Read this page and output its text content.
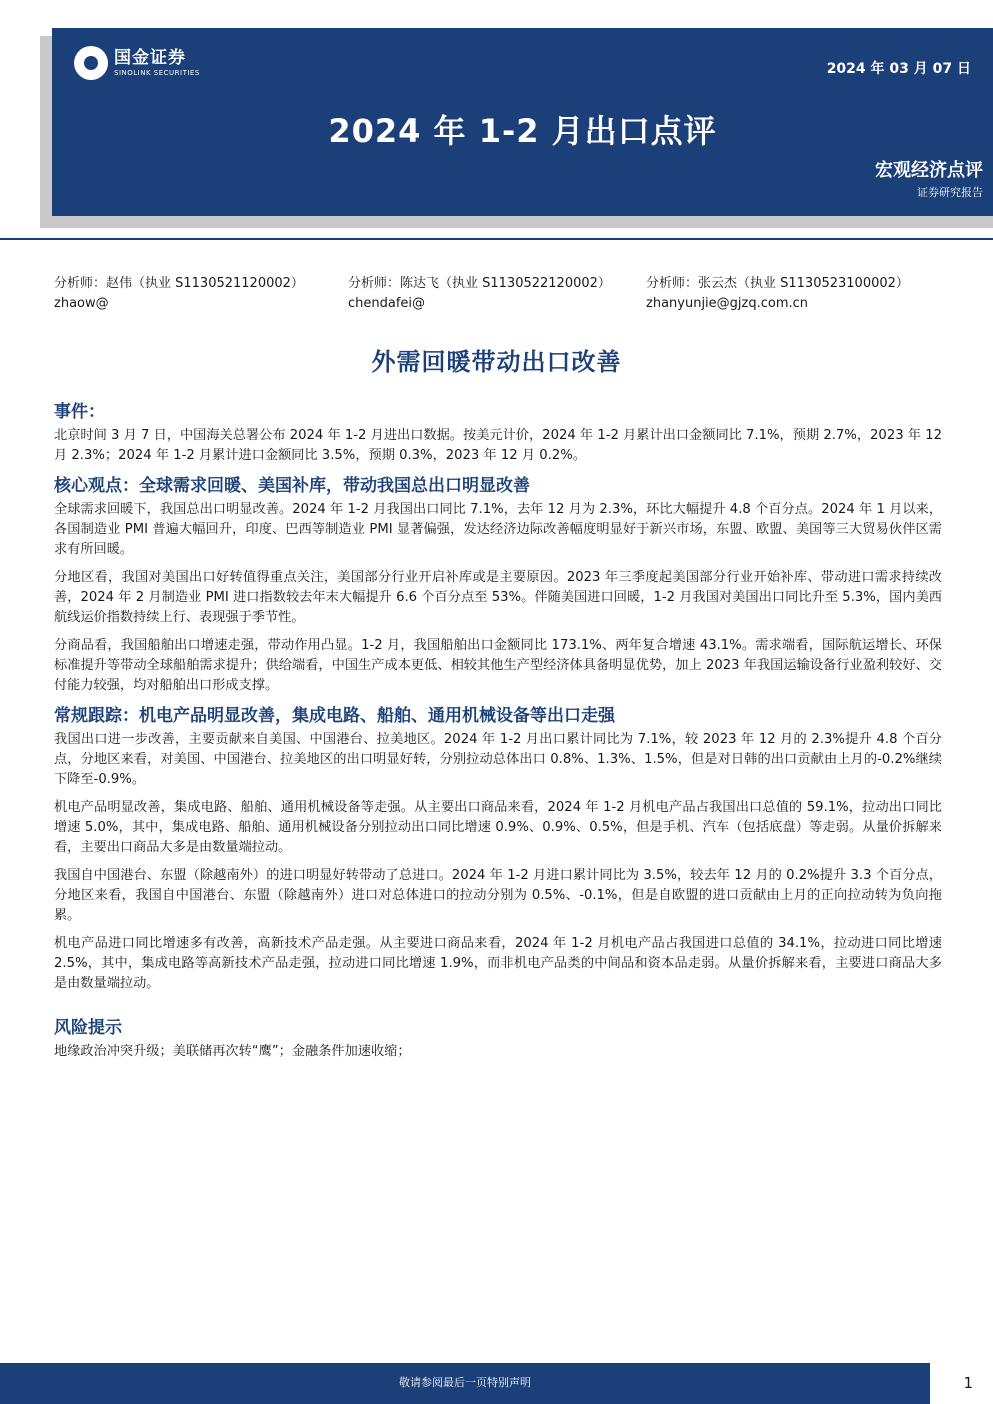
国金证券
SINOLINK SECURITIES	2024 年 03 月 07 日
2024 年 1-2 月出口点评
宏观经济点评
证券研究报告
分析师：赵伟（执业 S1130521120002）
zhaow@
分析师：陈达飞（执业 S1130522120002）
chendafei@
分析师：张云杰（执业 S1130523100002）
zhanyunjie@gjzq.com.cn
外需回暖带动出口改善
事件：

北京时间 3 月 7 日，中国海关总署公布 2024 年 1-2 月进出口数据。按美元计价，2024 年 1-2 月累计出口金额同比 7.1%，预期 2.7%，2023 年 12 月 2.3%；2024 年 1-2 月累计进口金额同比 3.5%，预期 0.3%，2023 年 12 月 0.2%。

核心观点：全球需求回暖、美国补库，带动我国总出口明显改善

全球需求回暖下，我国总出口明显改善。2024 年 1-2 月我国出口同比 7.1%，去年 12 月为 2.3%，环比大幅提升 4.8 个百分点。2024 年 1 月以来，各国制造业 PMI 普遍大幅回升，印度、巴西等制造业 PMI 显著偏强，发达经济边际改善幅度明显好于新兴市场，东盟、欧盟、美国等三大贸易伙伴区需求有所回暖。

分地区看，我国对美国出口好转值得重点关注，美国部分行业开启补库或是主要原因。2023 年三季度起美国部分行业开始补库、带动进口需求持续改善，2024 年 2 月制造业 PMI 进口指数较去年末大幅提升 6.6 个百分点至 53%。伴随美国进口回暖，1-2 月我国对美国出口同比升至 5.3%，国内美西航线运价指数持续上行、表现强于季节性。

分商品看，我国船舶出口增速走强，带动作用凸显。1-2 月，我国船舶出口金额同比 173.1%、两年复合增速 43.1%。需求端看，国际航运增长、环保标准提升等带动全球船舶需求提升；供给端看，中国生产成本更低、相较其他生产型经济体具备明显优势，加上 2023 年我国运输设备行业盈利较好、交付能力较强，均对船舶出口形成支撑。

常规跟踪：机电产品明显改善，集成电路、船舶、通用机械设备等出口走强

我国出口进一步改善，主要贡献来自美国、中国港台、拉美地区。2024 年 1-2 月出口累计同比为 7.1%，较 2023 年 12 月的 2.3%提升 4.8 个百分点，分地区来看，对美国、中国港台、拉美地区的出口明显好转，分别拉动总体出口 0.8%、1.3%、1.5%，但是对日韩的出口贡献由上月的-0.2%继续下降至-0.9%。

机电产品明显改善，集成电路、船舶、通用机械设备等走强。从主要出口商品来看，2024 年 1-2 月机电产品占我国出口总值的 59.1%，拉动出口同比增速 5.0%，其中，集成电路、船舶、通用机械设备分别拉动出口同比增速 0.9%、0.9%、0.5%，但是手机、汽车（包括底盘）等走弱。从量价拆解来看，主要出口商品大多是由数量端拉动。

我国自中国港台、东盟（除越南外）的进口明显好转带动了总进口。2024 年 1-2 月进口累计同比为 3.5%，较去年 12 月的 0.2%提升 3.3 个百分点，分地区来看，我国自中国港台、东盟（除越南外）进口对总体进口的拉动分别为 0.5%、-0.1%，但是自欧盟的进口贡献由上月的正向拉动转为负向拖累。

机电产品进口同比增速多有改善，高新技术产品走强。从主要进口商品来看，2024 年 1-2 月机电产品占我国进口总值的 34.1%，拉动进口同比增速 2.5%，其中，集成电路等高新技术产品走强，拉动进口同比增速 1.9%，而非机电产品类的中间品和资本品走弱。从量价拆解来看，主要进口商品大多是由数量端拉动。

风险提示

地缘政治冲突升级；美联储再次转“鹰”；金融条件加速收缩；

敬请参阅最后一页特别声明	1
